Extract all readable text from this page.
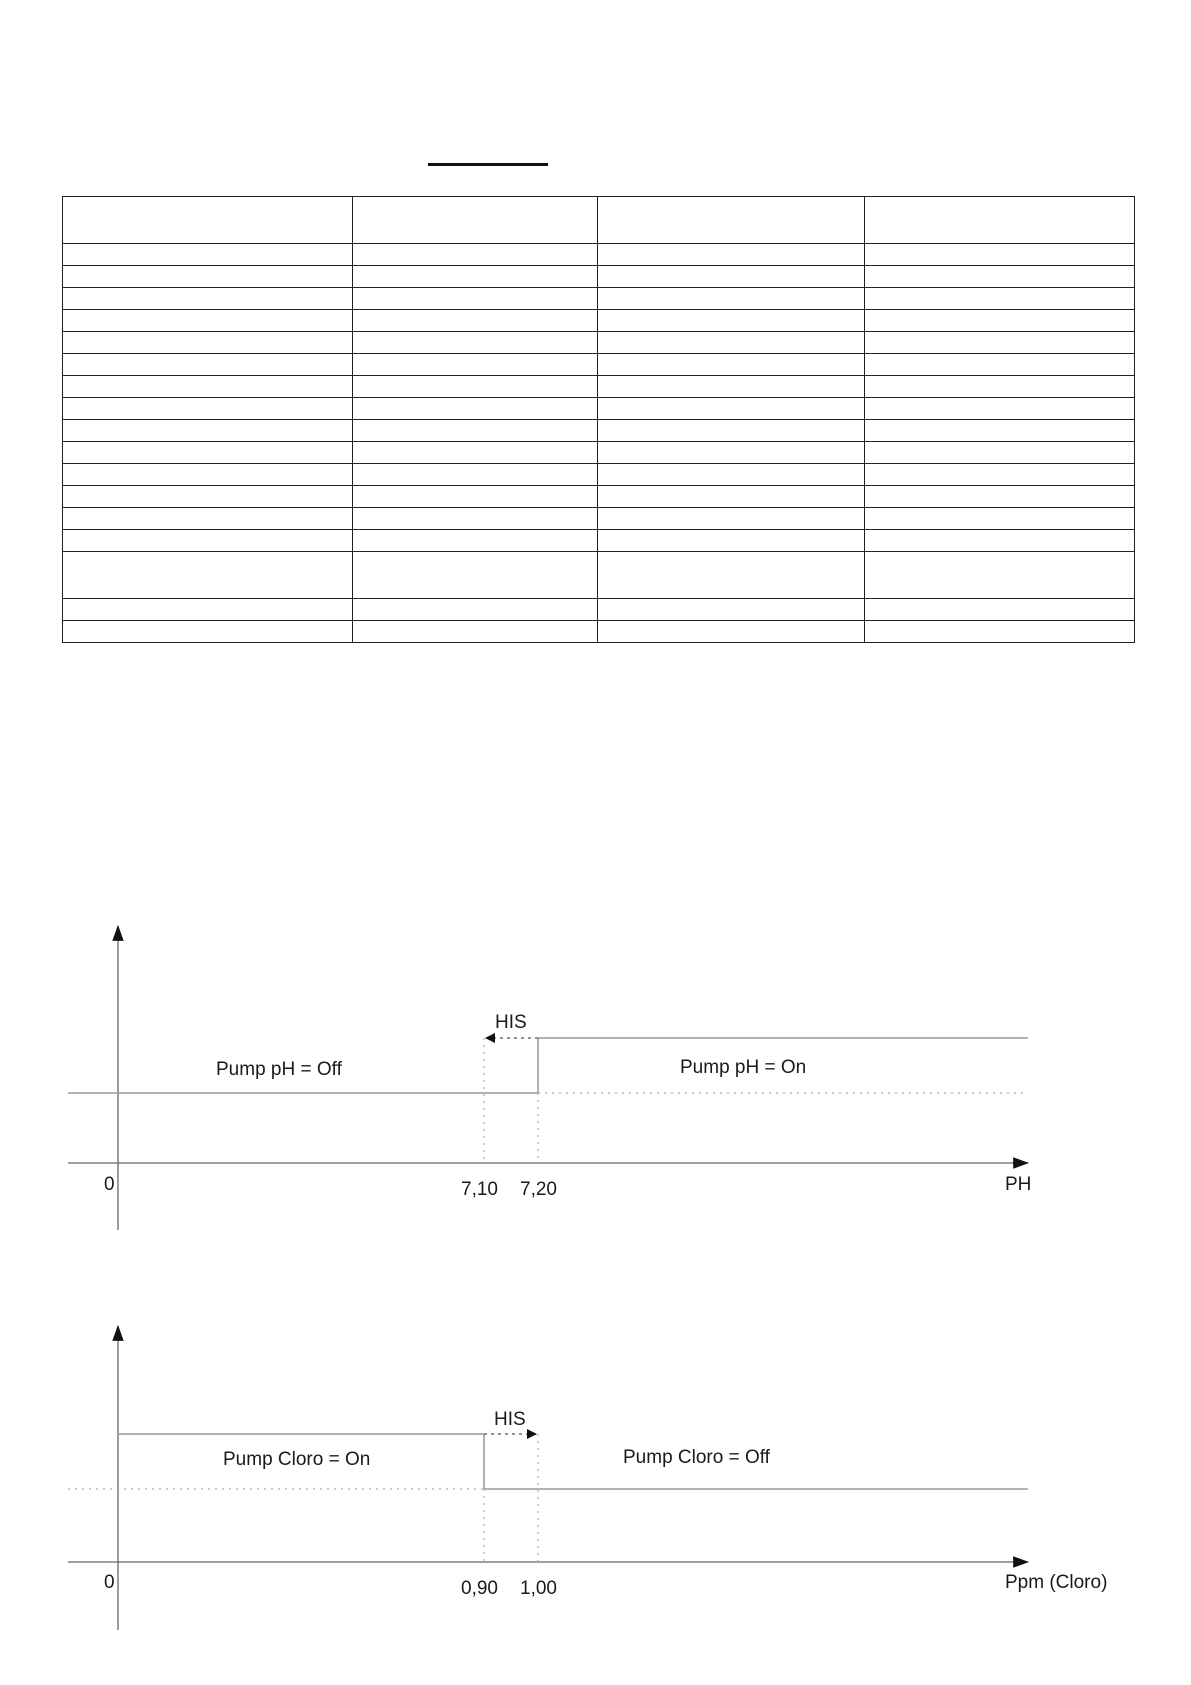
HIS
Pump pH = Off	Pump pH = On
0	7,10 7,20	PH
HIS
Pump Cloro = On	Pump Cloro = Off
0	0,90 1,00	Ppm (Cloro)
